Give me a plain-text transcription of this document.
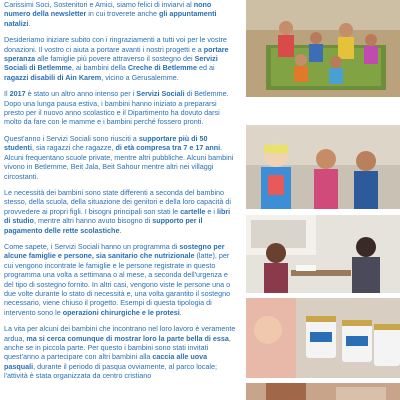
Carissimi Soci, Sostenitori e Amici, siamo felici di inviarvi al nono numero della newsletter in cui troverete anche gli appuntamenti natalizi.

Desideriamo iniziare subito con i ringraziamenti a tutti voi per le vostre donazioni. Il vostro ci aiuta a portare avanti i nostri progetti e a portare speranza alle famiglie più povere attraverso il sostegno dei Servizi Sociali di Betlemme, ai bambini della Creche di Betlemme ed ai ragazzi disabili di Ain Karem, vicino a Gerusalemme.

Il 2017 è stato un altro anno intenso per i Servizi Sociali di Betlemme. Dopo una lunga pausa estiva, i bambini hanno iniziato a prepararsi presto per il nuovo anno scolastico e il Dipartimento ha dovuto darsi molto da fare con le mamme e i bambini perché fossero pronti.

Quest'anno i Servizi Sociali sono riusciti a supportare più di 50 studenti, sia ragazzi che ragazze, di età compresa tra 7 e 17 anni. Alcuni frequentano scuole private, mentre altri pubbliche. Alcuni bambini vivono in Betlemme, Beit Jala, Beit Sahour mentre altri nei villaggi circostanti.

Le necessità dei bambini sono state differenti a seconda del bambino stesso, della scuola, della situazione dei genitori e della loro capacità di provvedere ai propri figli. I bisogni principali son stati le cartelle e i libri di studio, mentre altri hanno avuto bisogno di supporto per il pagamento delle rette scolastiche.

Come sapete, i Servizi Sociali hanno un programma di sostegno per alcune famiglie e persone, sia sanitario che nutrizionale (latte), per cui vengono incontrate le famiglie e le persone registrate in questo programma una volta a settimana o al mese, a seconda dell'urgenza e del tipo di sostegno fornito. In altri casi, vengono viste le persone una o due volte durante lo stato di necessità e, una volta garantito il sostegno necessario, viene chiuso il progetto. Esempi di questa tipologia di intervento sono le operazioni chirurgiche e le protesi.

La vita per alcuni dei bambini che incontrano nel loro lavoro è veramente ardua, ma si cerca comunque di mostrar loro la parte bella di essa, anche se in piccola parte. Per questo i bambini sono stati invitati quest'anno a partecipare con altri bambini alla caccia alle uova pasquali, durante il periodo di pasqua ovviamente, al parco locale; l'attività è stata organizzata da centro cristiano
